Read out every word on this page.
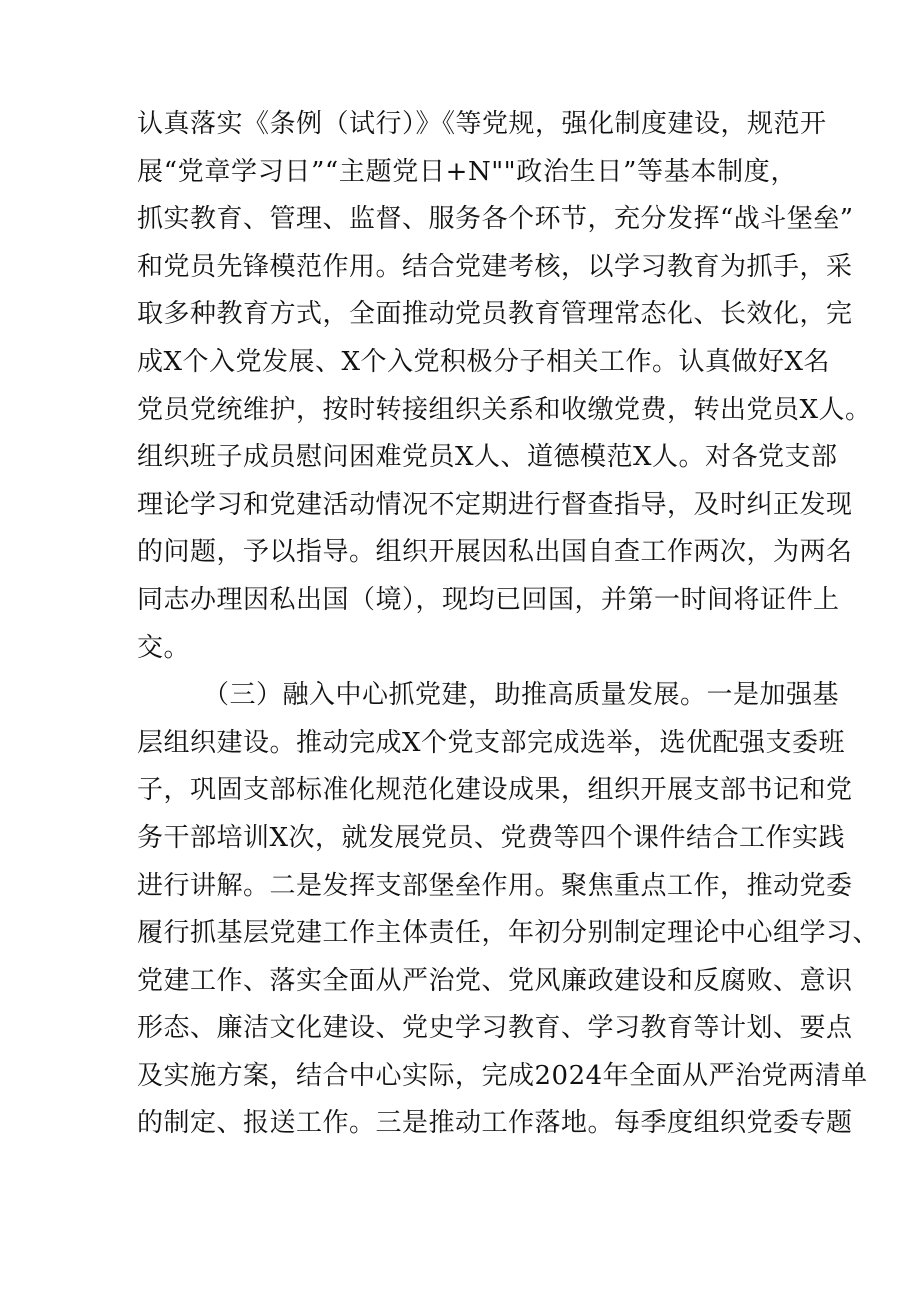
认真落实《条例（试行）》《等党规，强化制度建设，规范开
展“党章学习日”“主题党日+N""政治生日”等基本制度，
抓实教育、管理、监督、服务各个环节，充分发挥“战斗堡垒”
和党员先锋模范作用。结合党建考核，以学习教育为抓手，采
取多种教育方式，全面推动党员教育管理常态化、长效化，完
成X个入党发展、X个入党积极分子相关工作。认真做好X名
党员党统维护，按时转接组织关系和收缴党费，转出党员X人。
组织班子成员慰问困难党员X人、道德模范X人。对各党支部
理论学习和党建活动情况不定期进行督查指导，及时纠正发现
的问题，予以指导。组织开展因私出国自查工作两次，为两名
同志办理因私出国（境），现均已回国，并第一时间将证件上
交。
（三）融入中心抓党建，助推高质量发展。一是加强基
层组织建设。推动完成X个党支部完成选举，选优配强支委班
子，巩固支部标准化规范化建设成果，组织开展支部书记和党
务干部培训X次，就发展党员、党费等四个课件结合工作实践
进行讲解。二是发挥支部堡垒作用。聚焦重点工作，推动党委
履行抓基层党建工作主体责任，年初分别制定理论中心组学习、
党建工作、落实全面从严治党、党风廉政建设和反腐败、意识
形态、廉洁文化建设、党史学习教育、学习教育等计划、要点
及实施方案，结合中心实际，完成2024年全面从严治党两清单
的制定、报送工作。三是推动工作落地。每季度组织党委专题
